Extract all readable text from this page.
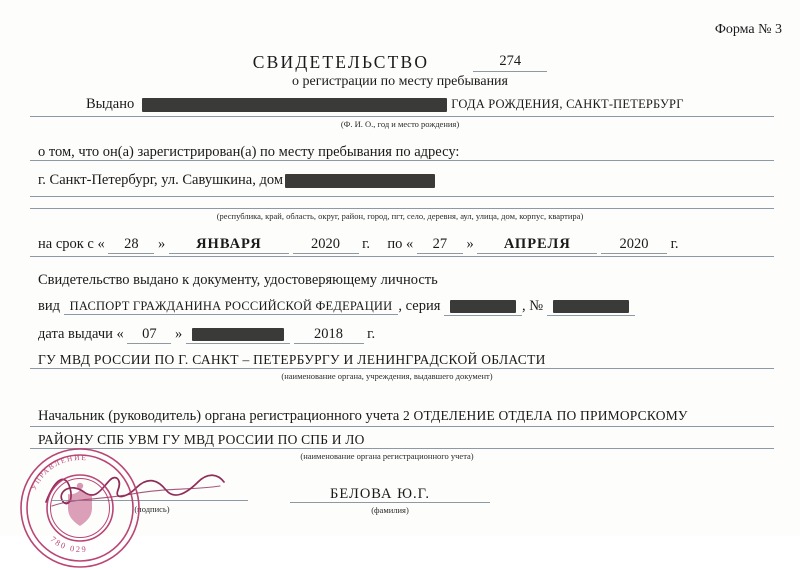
Форма № 3
СВИДЕТЕЛЬСТВО	274
о регистрации по месту пребывания
Выдано	ГОДА РОЖДЕНИЯ, САНКТ-ПЕТЕРБУРГ
(Ф. И. О., год и место рождения)
о том, что он(а) зарегистрирован(а) по месту пребывания по адресу:
г. Санкт-Петербург, ул. Савушкина, дом
(республика, край, область, округ, район, город, пгт, село, деревня, аул, улица, дом, корпус, квартира)
на срок с « 28 » ЯНВАРЯ	2020 г. по « 27 » АПРЕЛЯ	2020 г.
Свидетельство выдано к документу, удостоверяющему личность
вид ПАСПОРТ ГРАЖДАНИНА РОССИЙСКОЙ ФЕДЕРАЦИИ , серия	, №
дата выдачи « 07 »	2018 г.
ГУ МВД РОССИИ ПО Г. САНКТ – ПЕТЕРБУРГУ И ЛЕНИНГРАДСКОЙ ОБЛАСТИ
(наименование органа, учреждения, выдавшего документ)
Начальник (руководитель) органа регистрационного учета 2 ОТДЕЛЕНИЕ ОТДЕЛА ПО ПРИМОРСКОМУ
РАЙОНУ СПБ УВМ ГУ МВД РОССИИ ПО СПБ И ЛО
(наименование органа регистрационного учета)
(подпись)
БЕЛОВА Ю.Г.
(фамилия)
УПРАВЛЕНИЕ
780 029
